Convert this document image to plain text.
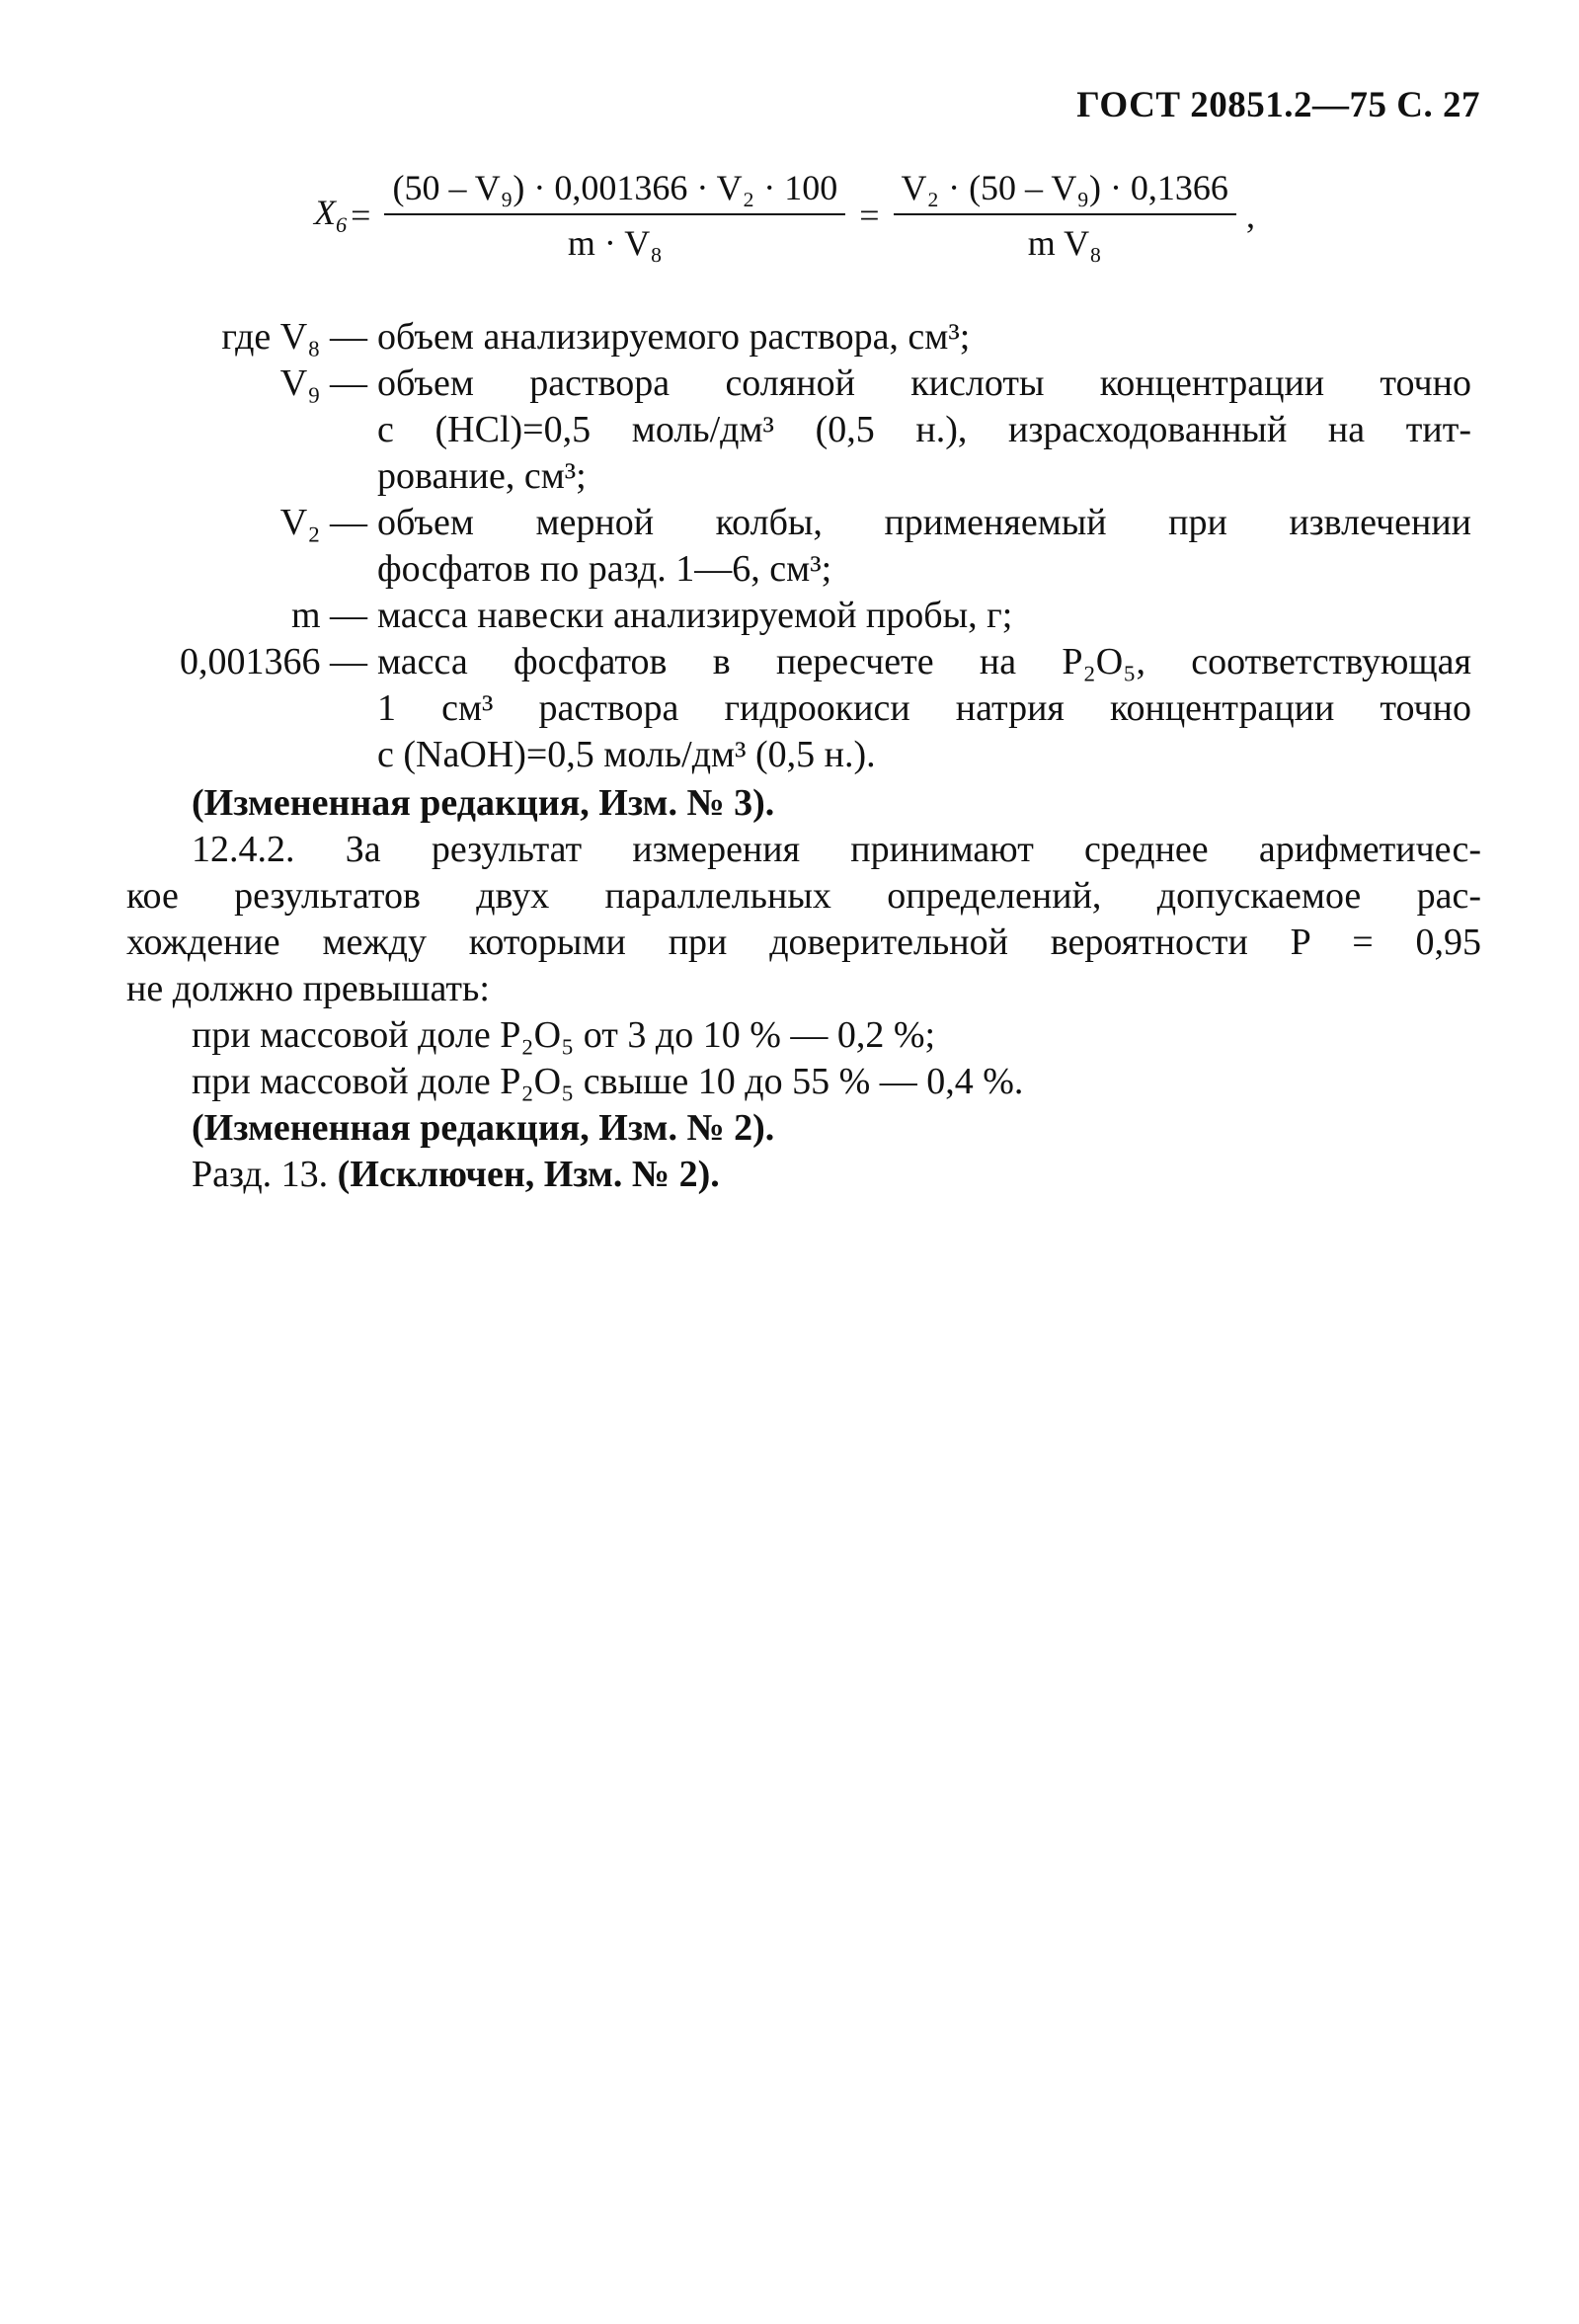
ГОСТ 20851.2—75 С. 27
$X_6 = \frac{\text{(50 – V₉) · 0,001366 · V₂ · 100}}{\text{m · V₈}} = \frac{\text{V₂ · (50 – V₉) · 0,1366}}{\text{m V₈}}$ ,
где V₈ — объем анализируемого раствора, см³;
V₉ — объем раствора соляной кислоты концентрации точно
c (HCl)=0,5 моль/дм³ (0,5 н.), израсходованный на тит-
рование, см³;
V₂ — объем мерной колбы, применяемый при извлечении
фосфатов по разд. 1—6, см³;
m — масса навески анализируемой пробы, г;
0,001366 — масса фосфатов в пересчете на P₂O₅, соответствующая
1 см³ раствора гидроокиси натрия концентрации точно
c (NaOH)=0,5 моль/дм³ (0,5 н.).

(Измененная редакция, Изм. № 3).

12.4.2. За результат измерения принимают среднее арифметичес-
кое результатов двух параллельных определений, допускаемое рас-
хождение между которыми при доверительной вероятности P = 0,95
не должно превышать:

при массовой доле P₂O₅ от 3 до 10 % — 0,2 %;

при массовой доле P₂O₅ свыше 10 до 55 % — 0,4 %.

(Измененная редакция, Изм. № 2).

Разд. 13. (Исключен, Изм. № 2).
